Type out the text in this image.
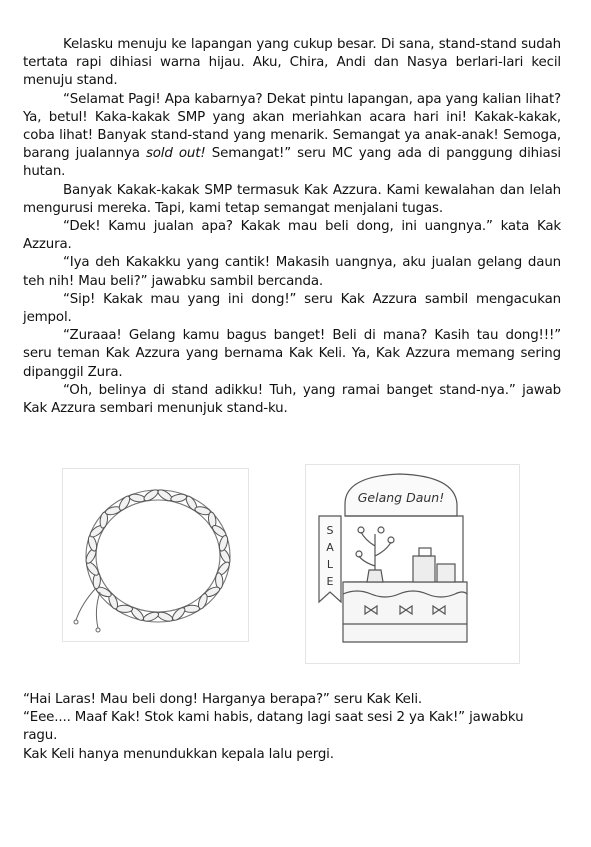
Kelasku menuju ke lapangan yang cukup besar. Di sana, stand-stand sudah tertata rapi dihiasi warna hijau. Aku, Chira, Andi dan Nasya berlari-lari kecil menuju stand.

“Selamat Pagi! Apa kabarnya? Dekat pintu lapangan, apa yang kalian lihat? Ya, betul! Kaka-kakak SMP yang akan meriahkan acara hari ini! Kakak-kakak, coba lihat! Banyak stand-stand yang menarik. Semangat ya anak-anak! Semoga, barang jualannya sold out! Semangat!” seru MC yang ada di panggung dihiasi hutan.

Banyak Kakak-kakak SMP termasuk Kak Azzura. Kami kewalahan dan lelah mengurusi mereka. Tapi, kami tetap semangat menjalani tugas.

“Dek! Kamu jualan apa? Kakak mau beli dong, ini uangnya.” kata Kak Azzura.

“Iya deh Kakakku yang cantik! Makasih uangnya, aku jualan gelang daun teh nih! Mau beli?” jawabku sambil bercanda.

“Sip! Kakak mau yang ini dong!” seru Kak Azzura sambil mengacukan jempol.

“Zuraaa! Gelang kamu bagus banget! Beli di mana? Kasih tau dong!!!” seru teman Kak Azzura yang bernama Kak Keli. Ya, Kak Azzura memang sering dipanggil Zura.

“Oh, belinya di stand adikku! Tuh, yang ramai banget stand-nya.” jawab Kak Azzura sembari menunjuk stand-ku.

Gelang Daun!
S
A
L
E

“Hai Laras! Mau beli dong! Harganya berapa?” seru Kak Keli.

“Eee.... Maaf Kak! Stok kami habis, datang lagi saat sesi 2 ya Kak!” jawabku ragu.

Kak Keli hanya menundukkan kepala lalu pergi.
